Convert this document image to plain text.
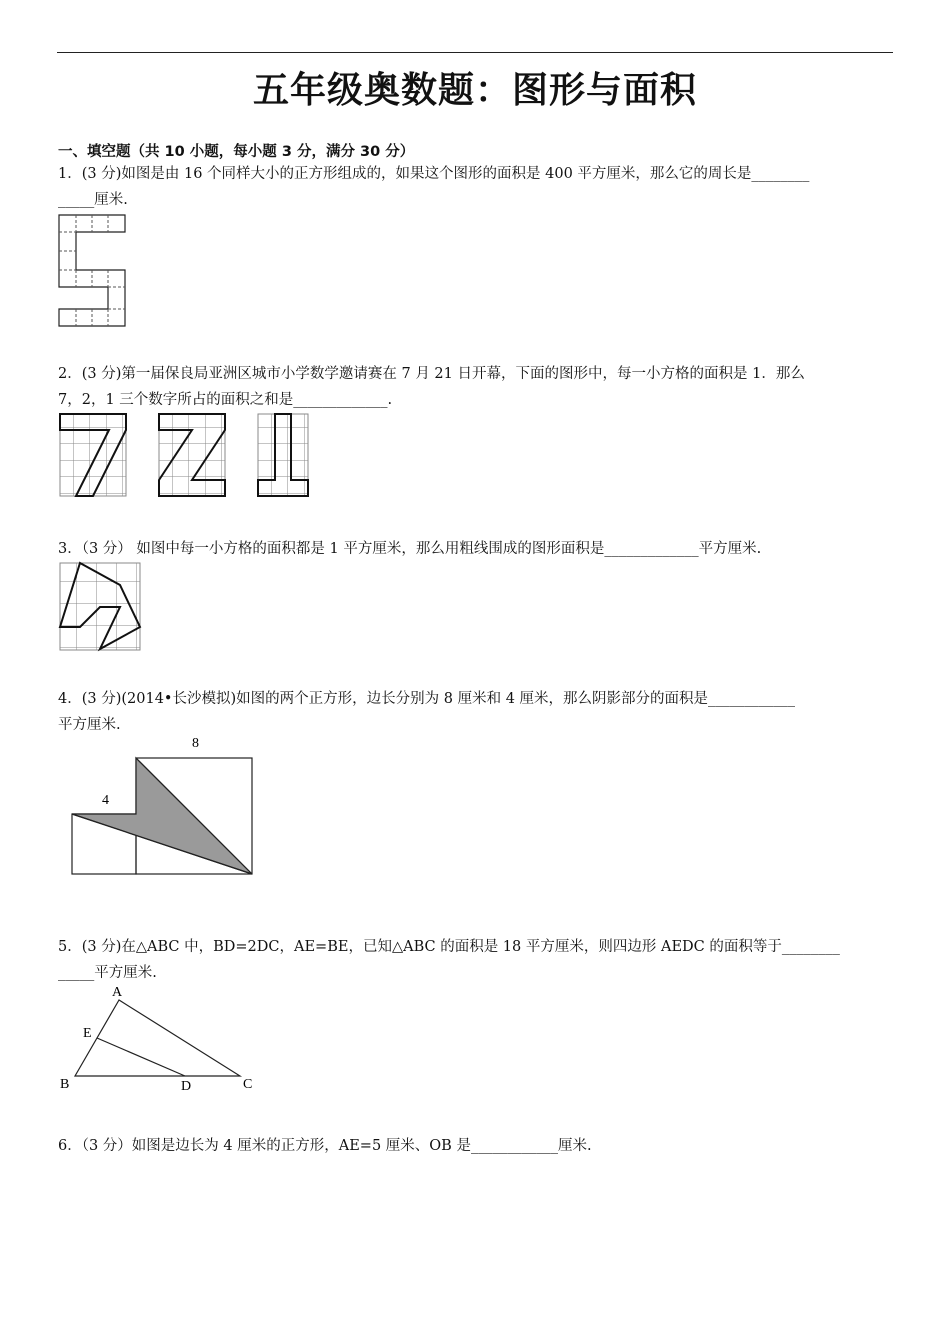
五年级奥数题：图形与面积
一、填空题（共 10 小题，每小题 3 分，满分 30 分）
1．(3 分)如图是由 16 个同样大小的正方形组成的，如果这个图形的面积是 400 平方厘米，那么它的周长是________
_____厘米.
2．(3 分)第一届保良局亚洲区城市小学数学邀请赛在 7 月 21 日开幕，下面的图形中，每一小方格的面积是 1．那么
7，2，1 三个数字所占的面积之和是_____________.
3．（3 分） 如图中每一小方格的面积都是 1 平方厘米，那么用粗线围成的图形面积是_____________平方厘米.
4．(3 分)(2014•长沙模拟)如图的两个正方形，边长分别为 8 厘米和 4 厘米，那么阴影部分的面积是____________
平方厘米.
8
4
5．(3 分)在△ABC 中，BD=2DC，AE=BE，已知△ABC 的面积是 18 平方厘米，则四边形 AEDC 的面积等于________
_____平方厘米.
A
E
B	D	C
6．（3 分）如图是边长为 4 厘米的正方形，AE=5 厘米、OB 是____________厘米.
